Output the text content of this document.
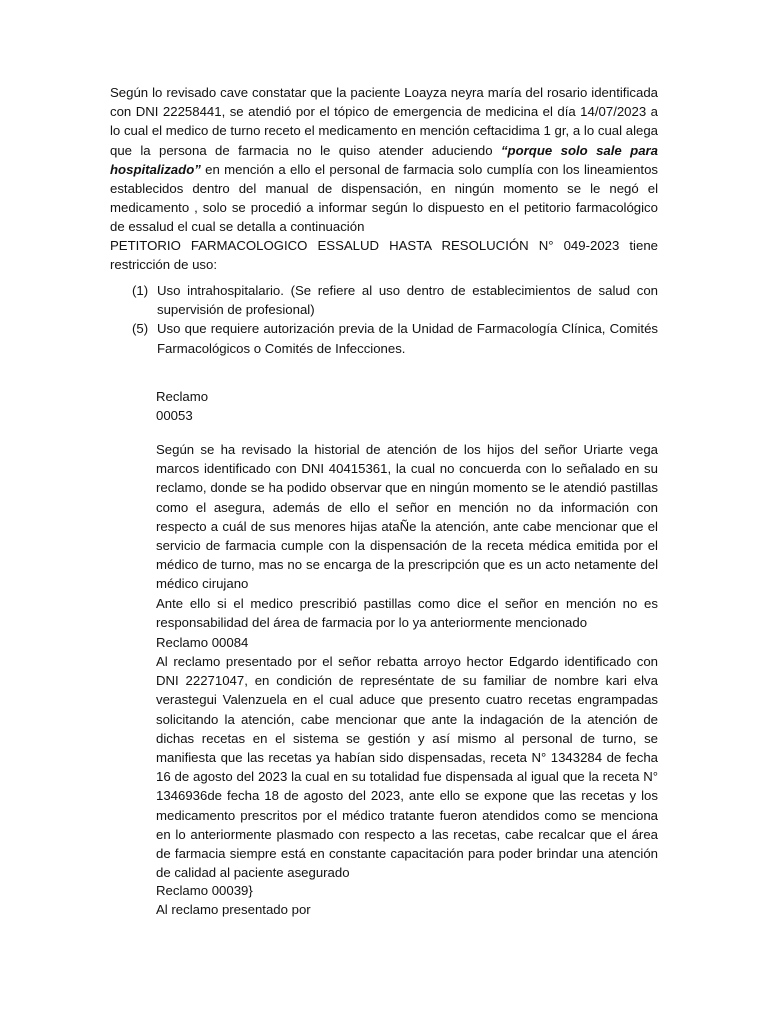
Según lo revisado cave constatar que la paciente Loayza neyra maría del rosario identificada con DNI 22258441, se atendió por el tópico de emergencia de medicina el día 14/07/2023 a lo cual el medico de turno receto el medicamento en mención ceftacidima 1 gr, a lo cual alega que la persona de farmacia no le quiso atender aduciendo “porque solo sale para hospitalizado” en mención a ello el personal de farmacia solo cumplía con los lineamientos establecidos dentro del manual de dispensación, en ningún momento se le negó el medicamento , solo se procedió a informar según lo dispuesto en el petitorio farmacológico de essalud el cual se detalla a continuación

PETITORIO FARMACOLOGICO ESSALUD HASTA RESOLUCIÓN N° 049-2023 tiene restricción de uso:

(1) Uso intrahospitalario. (Se refiere al uso dentro de establecimientos de salud con supervisión de profesional)
(5) Uso que requiere autorización previa de la Unidad de Farmacología Clínica, Comités Farmacológicos o Comités de Infecciones.
Reclamo
00053

Según se ha revisado la historial de atención de los hijos del señor Uriarte vega marcos identificado con DNI 40415361, la cual no concuerda con lo señalado en su reclamo, donde se ha podido observar que en ningún momento se le atendió pastillas como el asegura, además de ello el señor en mención no da información con respecto a cuál de sus menores hijas ataÑe la atención, ante cabe mencionar que el servicio de farmacia cumple con la dispensación de la receta médica emitida por el médico de turno, mas no se encarga de la prescripción que es un acto netamente del médico cirujano

Ante ello si el medico prescribió pastillas como dice el señor en mención no es responsabilidad del área de farmacia por lo ya anteriormente mencionado

Reclamo 00084

Al reclamo presentado por el señor rebatta arroyo hector Edgardo identificado con DNI 22271047, en condición de represéntate de su familiar de nombre kari elva verastegui Valenzuela en el cual aduce que presento cuatro recetas engrampadas solicitando la atención, cabe mencionar que ante la indagación de la atención de dichas recetas en el sistema se gestión y así mismo al personal de turno, se manifiesta que las recetas ya habían sido dispensadas, receta N° 1343284 de fecha 16 de agosto del 2023 la cual en su totalidad fue dispensada al igual que la receta N° 1346936de fecha 18 de agosto del 2023, ante ello se expone que las recetas y los medicamento prescritos por el médico tratante fueron atendidos como se menciona en lo anteriormente plasmado con respecto a las recetas, cabe recalcar que el área de farmacia siempre está en constante capacitación para poder brindar una atención de calidad al paciente asegurado

Reclamo 00039}

Al reclamo presentado por
